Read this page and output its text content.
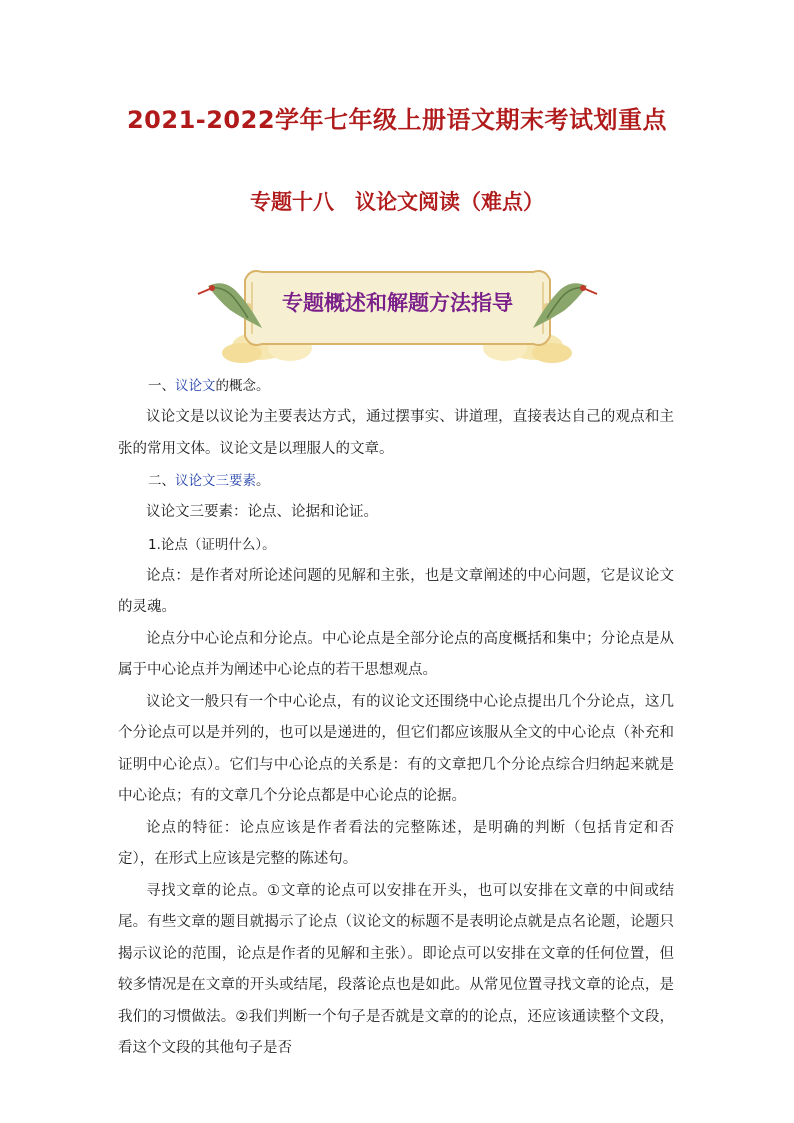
2021-2022学年七年级上册语文期末考试划重点
专题十八　议论文阅读（难点）
专题概述和解题方法指导

一、议论文的概念。

议论文是以议论为主要表达方式，通过摆事实、讲道理，直接表达自己的观点和主张的常用文体。议论文是以理服人的文章。

二、议论文三要素。

议论文三要素：论点、论据和论证。

1.论点（证明什么）。

论点：是作者对所论述问题的见解和主张，也是文章阐述的中心问题，它是议论文的灵魂。

论点分中心论点和分论点。中心论点是全部分论点的高度概括和集中；分论点是从属于中心论点并为阐述中心论点的若干思想观点。

议论文一般只有一个中心论点，有的议论文还围绕中心论点提出几个分论点，这几个分论点可以是并列的，也可以是递进的，但它们都应该服从全文的中心论点（补充和证明中心论点）。它们与中心论点的关系是：有的文章把几个分论点综合归纳起来就是中心论点；有的文章几个分论点都是中心论点的论据。

论点的特征：论点应该是作者看法的完整陈述，是明确的判断（包括肯定和否定），在形式上应该是完整的陈述句。

寻找文章的论点。①文章的论点可以安排在开头，也可以安排在文章的中间或结尾。有些文章的题目就揭示了论点（议论文的标题不是表明论点就是点名论题，论题只揭示议论的范围，论点是作者的见解和主张）。即论点可以安排在文章的任何位置，但较多情况是在文章的开头或结尾，段落论点也是如此。从常见位置寻找文章的论点，是我们的习惯做法。②我们判断一个句子是否就是文章的的论点，还应该通读整个文段，看这个文段的其他句子是否
